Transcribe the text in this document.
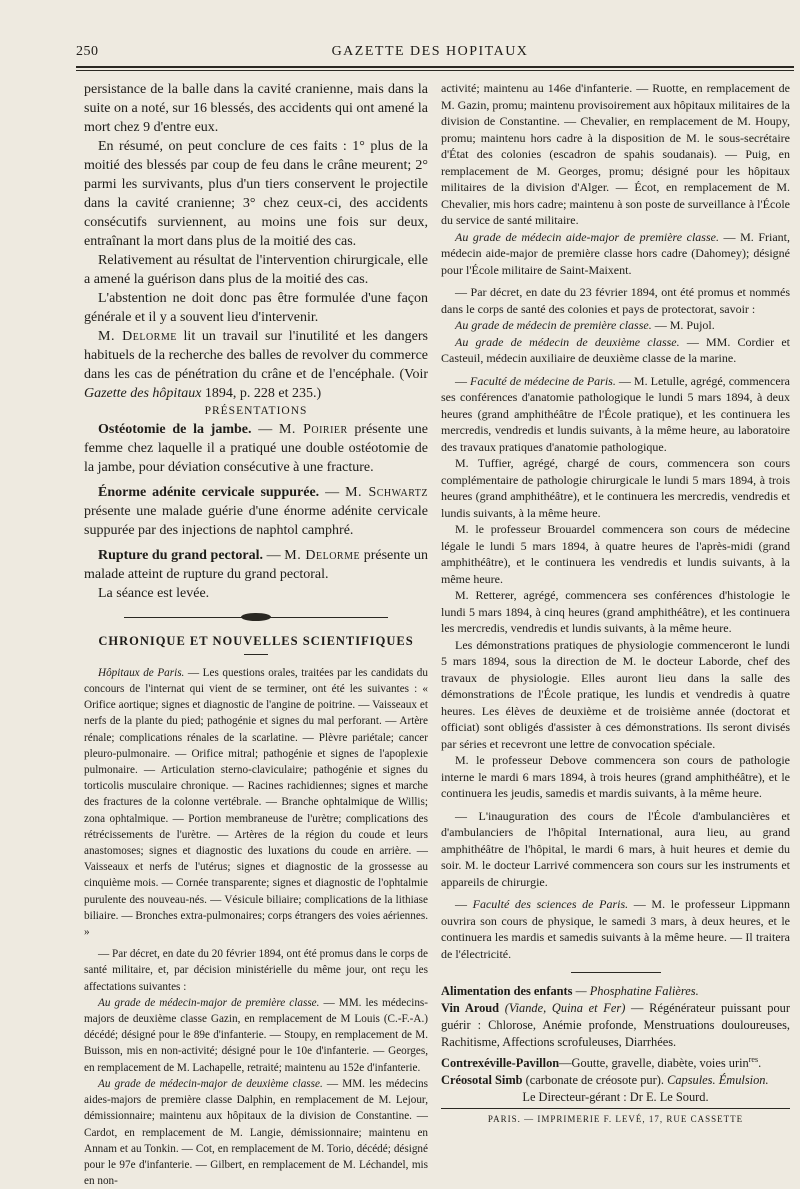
250	GAZETTE DES HOPITAUX

persistance de la balle dans la cavité cranienne, mais dans la suite on a noté, sur 16 blessés, des accidents qui ont amené la mort chez 9 d'entre eux.

En résumé, on peut conclure de ces faits : 1° plus de la moitié des blessés par coup de feu dans le crâne meurent; 2° parmi les survivants, plus d'un tiers conservent le projectile dans la cavité cranienne; 3° chez ceux-ci, des accidents consécutifs surviennent, au moins une fois sur deux, entraînant la mort dans plus de la moitié des cas.

Relativement au résultat de l'intervention chirurgicale, elle a amené la guérison dans plus de la moitié des cas.

L'abstention ne doit donc pas être formulée d'une façon générale et il y a souvent lieu d'intervenir.

M. Delorme lit un travail sur l'inutilité et les dangers habituels de la recherche des balles de revolver du commerce dans les cas de pénétration du crâne et de l'encéphale. (Voir Gazette des hôpitaux 1894, p. 228 et 235.)

PRÉSENTATIONS

Ostéotomie de la jambe. — M. Poirier présente une femme chez laquelle il a pratiqué une double ostéotomie de la jambe, pour déviation consécutive à une fracture.

Énorme adénite cervicale suppurée. — M. Schwartz présente une malade guérie d'une énorme adénite cervicale suppurée par des injections de naphtol camphré.

Rupture du grand pectoral. — M. Delorme présente un malade atteint de rupture du grand pectoral.

La séance est levée.

CHRONIQUE ET NOUVELLES SCIENTIFIQUES

Hôpitaux de Paris. — Les questions orales, traitées par les candidats du concours de l'internat qui vient de se terminer, ont été les suivantes : « Orifice aortique; signes et diagnostic de l'angine de poitrine. — Vaisseaux et nerfs de la plante du pied; pathogénie et signes du mal perforant. — Artère rénale; complications rénales de la scarlatine. — Plèvre pariétale; cancer pleuro-pulmonaire. — Orifice mitral; pathogénie et signes de l'apoplexie pulmonaire. — Articulation sterno-claviculaire; pathogénie et signes du torticolis musculaire chronique. — Racines rachidiennes; signes et marche des fractures de la colonne vertébrale. — Branche ophtalmique de Willis; zona ophtalmique. — Portion membraneuse de l'urètre; complications des rétrécissements de l'urètre. — Artères de la région du coude et leurs anastomoses; signes et diagnostic des luxations du coude en arrière. — Vaisseaux et nerfs de l'utérus; signes et diagnostic de la grossesse au cinquième mois. — Cornée transparente; signes et diagnostic de l'ophtalmie purulente des nouveau-nés. — Vésicule biliaire; complications de la lithiase biliaire. — Bronches extra-pulmonaires; corps étrangers des voies aériennes. »

— Par décret, en date du 20 février 1894, ont été promus dans le corps de santé militaire, et, par décision ministérielle du même jour, ont reçu les affectations suivantes :

Au grade de médecin-major de première classe. — MM. les médecins-majors de deuxième classe Gazin, en remplacement de M Louis (C.-F.-A.) décédé; désigné pour le 89e d'infanterie. — Stoupy, en remplacement de M. Buisson, mis en non-activité; désigné pour le 10e d'infanterie. — Georges, en remplacement de M. Lachapelle, retraité; maintenu au 152e d'infanterie.

Au grade de médecin-major de deuxième classe. — MM. les médecins aides-majors de première classe Dalphin, en remplacement de M. Lejour, démissionnaire; maintenu aux hôpitaux de la division de Constantine. — Cardot, en remplacement de M. Langie, démissionnaire; maintenu en Annam et au Tonkin. — Cot, en remplacement de M. Torio, décédé; désigné pour le 97e d'infanterie. — Gilbert, en remplacement de M. Léchandel, mis en non-

activité; maintenu au 146e d'infanterie. — Ruotte, en remplacement de M. Gazin, promu; maintenu provisoirement aux hôpitaux militaires de la division de Constantine. — Chevalier, en remplacement de M. Houpy, promu; maintenu hors cadre à la disposition de M. le sous-secrétaire d'État des colonies (escadron de spahis soudanais). — Puig, en remplacement de M. Georges, promu; désigné pour les hôpitaux militaires de la division d'Alger. — Écot, en remplacement de M. Chevalier, mis hors cadre; maintenu à son poste de surveillance à l'École du service de santé militaire.

Au grade de médecin aide-major de première classe. — M. Friant, médecin aide-major de première classe hors cadre (Dahomey); désigné pour l'École militaire de Saint-Maixent.

— Par décret, en date du 23 février 1894, ont été promus et nommés dans le corps de santé des colonies et pays de protectorat, savoir :

Au grade de médecin de première classe. — M. Pujol.

Au grade de médecin de deuxième classe. — MM. Cordier et Casteuil, médecin auxiliaire de deuxième classe de la marine.

— Faculté de médecine de Paris. — M. Letulle, agrégé, commencera ses conférences d'anatomie pathologique le lundi 5 mars 1894, à deux heures (grand amphithéâtre de l'École pratique), et les continuera les mercredis, vendredis et lundis suivants, à la même heure, au laboratoire des travaux pratiques d'anatomie pathologique.

M. Tuffier, agrégé, chargé de cours, commencera son cours complémentaire de pathologie chirurgicale le lundi 5 mars 1894, à trois heures (grand amphithéâtre), et le continuera les mercredis, vendredis et lundis suivants, à la même heure.

M. le professeur Brouardel commencera son cours de médecine légale le lundi 5 mars 1894, à quatre heures de l'après-midi (grand amphithéâtre), et le continuera les vendredis et lundis suivants, à la même heure.

M. Retterer, agrégé, commencera ses conférences d'histologie le lundi 5 mars 1894, à cinq heures (grand amphithéâtre), et les continuera les mercredis, vendredis et lundis suivants, à la même heure.

Les démonstrations pratiques de physiologie commenceront le lundi 5 mars 1894, sous la direction de M. le docteur Laborde, chef des travaux de physiologie. Elles auront lieu dans la salle des démonstrations de l'École pratique, les lundis et vendredis à quatre heures. Les élèves de deuxième et de troisième année (doctorat et officiat) sont obligés d'assister à ces démonstrations. Ils seront divisés par séries et recevront une lettre de convocation spéciale.

M. le professeur Debove commencera son cours de pathologie interne le mardi 6 mars 1894, à trois heures (grand amphithéâtre), et le continuera les jeudis, samedis et mardis suivants, à la même heure.

— L'inauguration des cours de l'École d'ambulancières et d'ambulanciers de l'hôpital International, aura lieu, au grand amphithéâtre de l'hôpital, le mardi 6 mars, à huit heures et demie du soir. M. le docteur Larrivé commencera son cours sur les instruments et appareils de chirurgie.

— Faculté des sciences de Paris. — M. le professeur Lippmann ouvrira son cours de physique, le samedi 3 mars, à deux heures, et le continuera les mardis et samedis suivants à la même heure. — Il traitera de l'électricité.

Alimentation des enfants — Phosphatine Falières.

Vin Aroud (Viande, Quina et Fer) — Régénérateur puissant pour guérir : Chlorose, Anémie profonde, Menstruations douloureuses, Rachitisme, Affections scrofuleuses, Diarrhées.

Contrexéville-Pavillon—Goutte, gravelle, diabète, voies urin$^{res}$.

Créosotal Simb (carbonate de créosote pur). Capsules. Émulsion.

Le Directeur-gérant : Dr E. Le Sourd.

PARIS. — IMPRIMERIE F. LEVÉ, 17, RUE CASSETTE
